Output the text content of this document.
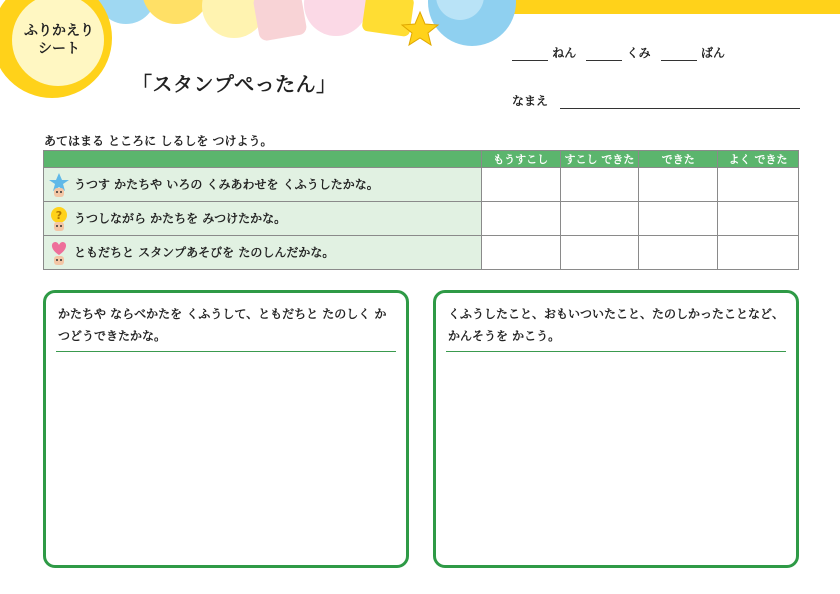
ふりかえり
シート
「スタンプぺったん」
ねん	くみ	ばん
なまえ
あてはまる ところに しるしを つけよう。
	もうすこし	すこし できた	できた	よく できた
うつす かたちや いろの くみあわせを くふうしたかな。				

? うつしながら かたちを みつけたかな。				
ともだちと スタンプあそびを たのしんだかな。				
かたちや ならべかたを くふうして、ともだちと たのしく かつどうできたかな。
くふうしたこと、おもいついたこと、たのしかったことなど、かんそうを かこう。
